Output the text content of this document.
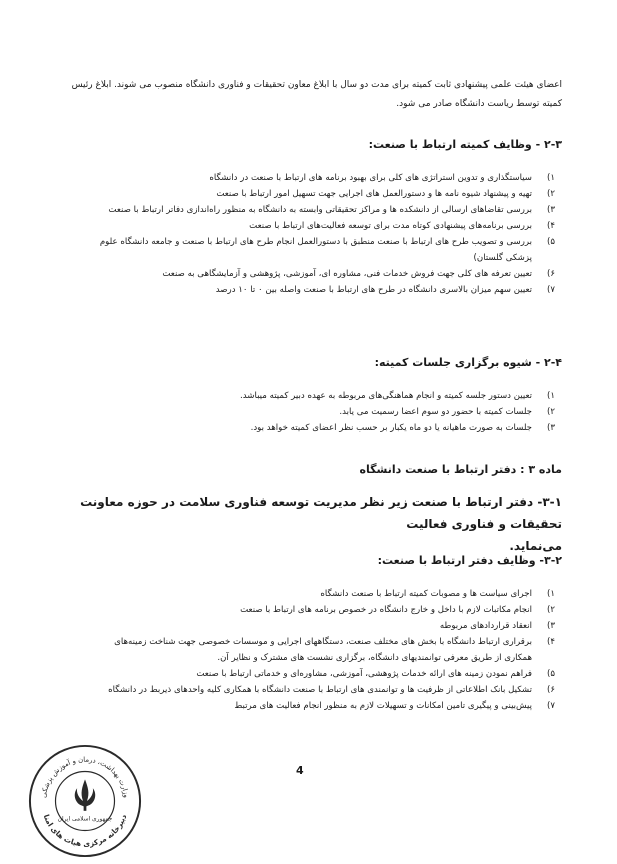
اعضای هیئت علمی پیشنهادی ثابت کمیته برای مدت دو سال با ابلاغ معاون تحقیقات و فناوری دانشگاه منصوب می شوند. ابلاغ رئیس
کمیته توسط ریاست دانشگاه صادر می شود.
۲-۳ - وظایف کمیته ارتباط با صنعت:
۱)
سیاستگذاری و تدوین استراتژی های کلی برای بهبود برنامه های ارتباط با صنعت در دانشگاه
۲)
تهیه و پیشنهاد شیوه نامه ها و دستورالعمل های اجرایی جهت تسهیل امور ارتباط با صنعت
۳)
بررسی تقاضاهای ارسالی از دانشکده ها و مراکز تحقیقاتی وابسته به دانشگاه به منظور راه‌اندازی دفاتر ارتباط با صنعت
۴)
بررسی برنامه‌های پیشنهادی کوتاه مدت برای توسعه فعالیت‌های ارتباط با صنعت
۵)
بررسی و تصویب طرح های ارتباط با صنعت منطبق با دستورالعمل انجام طرح های ارتباط با صنعت و جامعه دانشگاه علوم
پزشکی گلستان)
۶)
تعیین تعرفه های کلی جهت فروش خدمات فنی، مشاوره ای، آموزشی، پژوهشی و آزمایشگاهی به صنعت
۷)
تعیین سهم میزان بالاسری دانشگاه در طرح های ارتباط با صنعت واصله بین ۰ تا ۱۰ درصد
۲-۴ - شیوه برگزاری جلسات کمیته:
۱)
تعیین دستور جلسه کمیته و انجام هماهنگی‌های مربوطه به عهده دبیر کمیته میباشد.
۲)
جلسات کمیته با حضور دو سوم اعضا رسمیت می یابد.
۳)
جلسات به صورت ماهیانه یا دو ماه یکبار بر حسب نظر اعضای کمیته خواهد بود.
ماده ۳ : دفتر ارتباط با صنعت دانشگاه
۳-۱- دفتر ارتباط با صنعت زیر نظر مدیریت توسعه فناوری سلامت در حوزه معاونت تحقیقات و فناوری فعالیت
می‌نماید.
۳-۲- وظایف دفتر ارتباط با صنعت:
۱)
اجرای سیاست ها و مصوبات کمیته ارتباط با صنعت دانشگاه
۲)
انجام مکاتبات لازم با داخل و خارج دانشگاه در خصوص برنامه های ارتباط با صنعت
۳)
انعقاد قراردادهای مربوطه
۴)
برقراری ارتباط دانشگاه با بخش های مختلف صنعت، دستگاههای اجرایی و موسسات خصوصی جهت شناخت زمینه‌های
همکاری از طریق معرفی توانمندیهای دانشگاه، برگزاری نشست های مشترک و نظایر آن.
۵)
فراهم نمودن زمینه های ارائه خدمات پژوهشی، آموزشی، مشاوره‌ای و خدماتی ارتباط با صنعت
۶)
تشکیل بانک اطلاعاتی از ظرفیت ها و توانمندی های ارتباط با صنعت دانشگاه با همکاری کلیه واحدهای ذیربط در دانشگاه
۷)
پیش‌بینی و پیگیری تامین امکانات و تسهیلات لازم به منظور انجام فعالیت های مرتبط
4
وزارت بهداشت، درمان و آموزش پزشکی
جمهوری اسلامی ایران
دبیرخانه مرکزی هیات های امنا
